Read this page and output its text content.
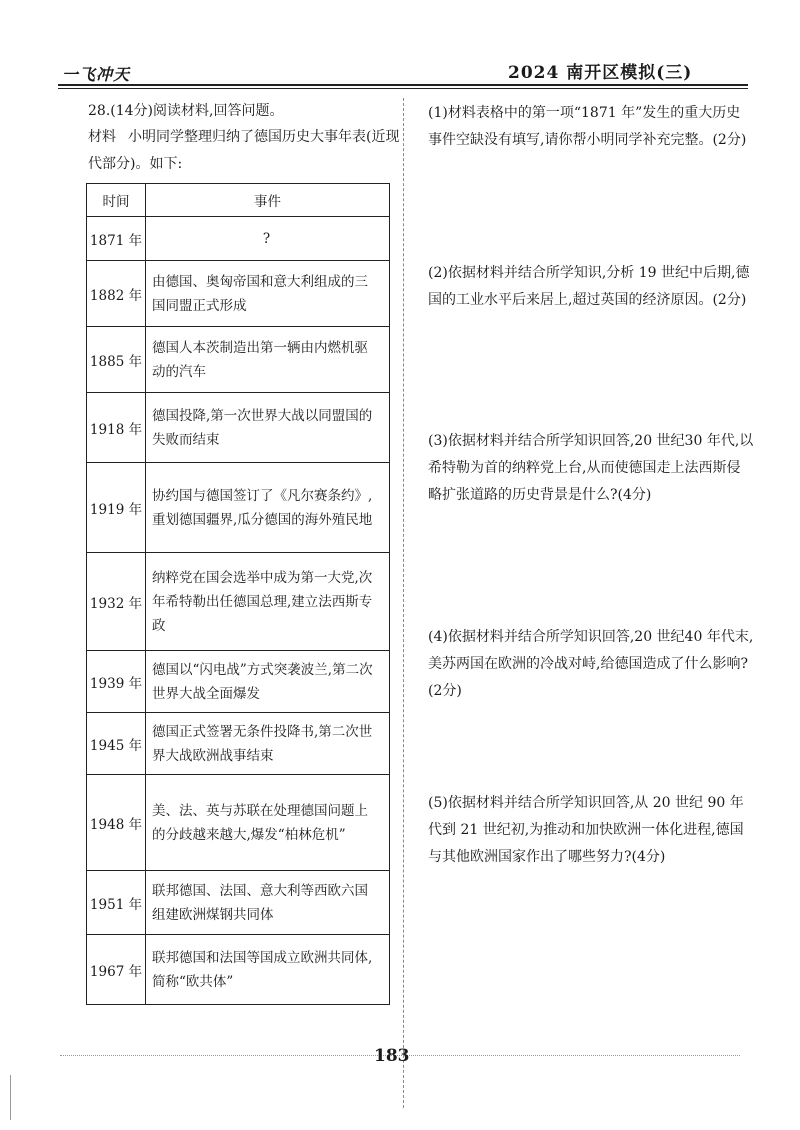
一飞冲天	2024 南开区模拟(三)
28.(14分)阅读材料,回答问题。
材料 小明同学整理归纳了德国历史大事年表(近现代部分)。如下:
时间	事件
1871 年	?
1882 年	由德国、奥匈帝国和意大利组成的三国同盟正式形成
1885 年	德国人本茨制造出第一辆由内燃机驱动的汽车
1918 年	德国投降,第一次世界大战以同盟国的失败而结束
1919 年	协约国与德国签订了《凡尔赛条约》,重划德国疆界,瓜分德国的海外殖民地
1932 年	纳粹党在国会选举中成为第一大党,次年希特勒出任德国总理,建立法西斯专政
1939 年	德国以“闪电战”方式突袭波兰,第二次世界大战全面爆发
1945 年	德国正式签署无条件投降书,第二次世界大战欧洲战事结束
1948 年	美、法、英与苏联在处理德国问题上的分歧越来越大,爆发“柏林危机”
1951 年	联邦德国、法国、意大利等西欧六国组建欧洲煤钢共同体
1967 年	联邦德国和法国等国成立欧洲共同体,简称“欧共体”
(1)材料表格中的第一项“1871 年”发生的重大历史事件空缺没有填写,请你帮小明同学补充完整。(2分)
(2)依据材料并结合所学知识,分析 19 世纪中后期,德国的工业水平后来居上,超过英国的经济原因。(2分)
(3)依据材料并结合所学知识回答,20 世纪30 年代,以希特勒为首的纳粹党上台,从而使德国走上法西斯侵略扩张道路的历史背景是什么?(4分)
(4)依据材料并结合所学知识回答,20 世纪40 年代末,美苏两国在欧洲的冷战对峙,给德国造成了什么影响?(2分)
(5)依据材料并结合所学知识回答,从 20 世纪 90 年代到 21 世纪初,为推动和加快欧洲一体化进程,德国与其他欧洲国家作出了哪些努力?(4分)
183
